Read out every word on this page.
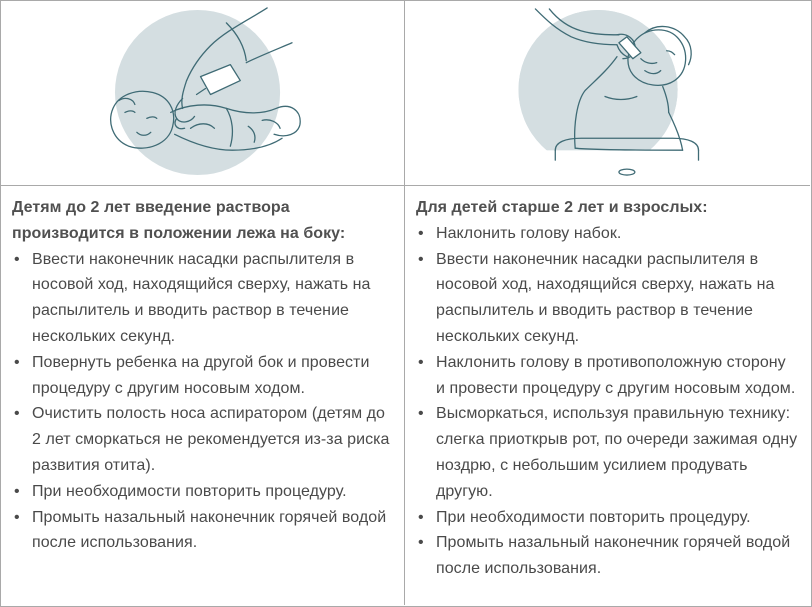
Детям до 2 лет введение раствора производится в положении лежа на боку:

• Ввести наконечник насадки распылителя в носовой ход, находящийся сверху, нажать на распылитель и вводить раствор в течение нескольких секунд.
• Повернуть ребенка на другой бок и провести процедуру с другим носовым ходом.
• Очистить полость носа аспиратором (детям до 2 лет сморкаться не рекомендуется из-за риска развития отита).
• При необходимости повторить процедуру.
• Промыть назальный наконечник горячей водой после использования.

Для детей старше 2 лет и взрослых:

• Наклонить голову набок.
• Ввести наконечник насадки распылителя в носовой ход, находящийся сверху, нажать на распылитель и вводить раствор в течение нескольких секунд.
• Наклонить голову в противоположную сторону и провести процедуру с другим носовым ходом.
• Высморкаться, используя правильную технику: слегка приоткрыв рот, по очереди зажимая одну ноздрю, с небольшим усилием продувать другую.
• При необходимости повторить процедуру.
• Промыть назальный наконечник горячей водой после использования.
